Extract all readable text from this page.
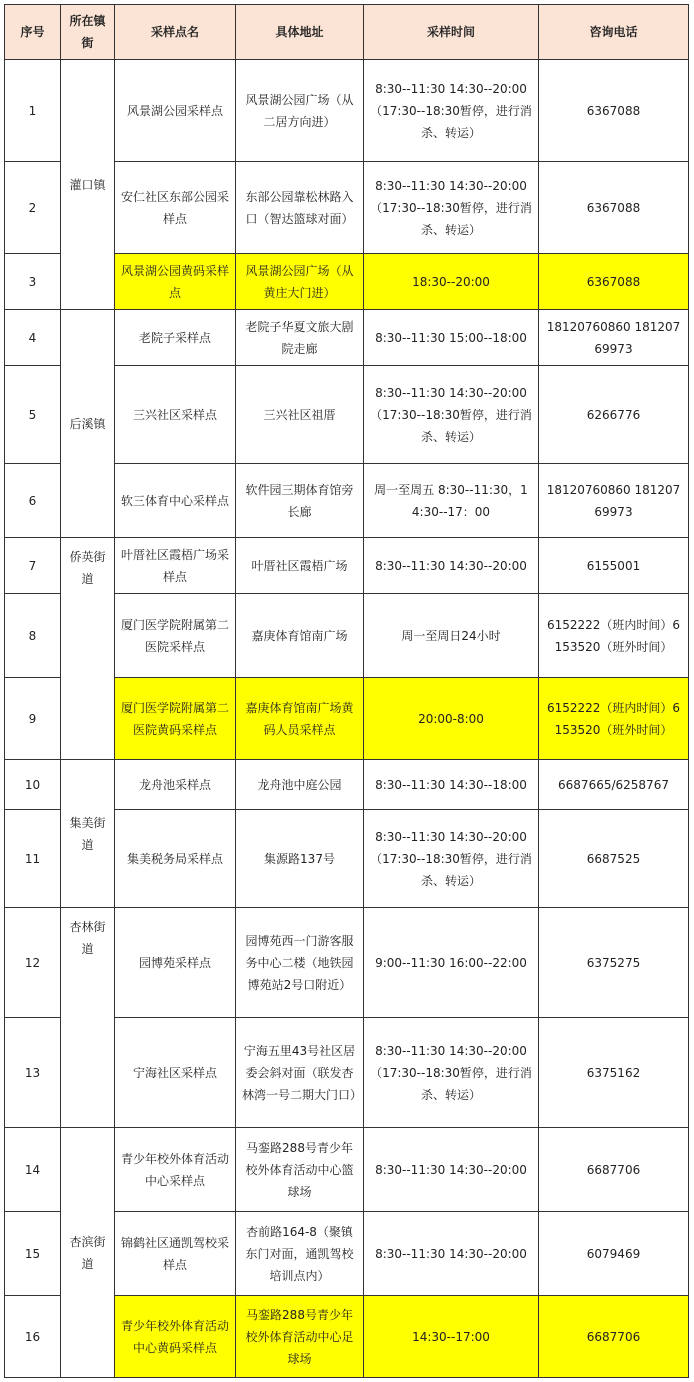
序号	所在镇街	采样点名	具体地址	采样时间	咨询电话
1	灌口镇	风景湖公园采样点	风景湖公园广场（从二居方向进）	8:30--11:30 14:30--20:00（17:30--18:30暂停，进行消杀、转运）	6367088
2		安仁社区东部公园采样点	东部公园靠松林路入口（智达篮球对面）	8:30--11:30 14:30--20:00（17:30--18:30暂停，进行消杀、转运）	6367088
3		风景湖公园黄码采样点	风景湖公园广场（从黄庄大门进）	18:30--20:00	6367088
4	后溪镇	老院子采样点	老院子华夏文旅大剧院走廊	8:30--11:30 15:00--18:00	18120760860 18120769973
5		三兴社区采样点	三兴社区祖厝	8:30--11:30 14:30--20:00（17:30--18:30暂停，进行消杀、转运）	6266776
6		软三体育中心采样点	软件园三期体育馆旁长廊	周一至周五 8:30--11:30，14:30--17：00	18120760860 18120769973
7	侨英街道	叶厝社区霞梧广场采样点	叶厝社区霞梧广场	8:30--11:30 14:30--20:00	6155001
8		厦门医学院附属第二医院采样点	嘉庚体育馆南广场	周一至周日24小时	6152222（班内时间）6153520（班外时间）
9		厦门医学院附属第二医院黄码采样点	嘉庚体育馆南广场黄码人员采样点	20:00-8:00	6152222（班内时间）6153520（班外时间）
10	集美街道	龙舟池采样点	龙舟池中庭公园	8:30--11:30 14:30--18:00	6687665/6258767
11		集美税务局采样点	集源路137号	8:30--11:30 14:30--20:00（17:30--18:30暂停，进行消杀、转运）	6687525
12	杏林街道	园博苑采样点	园博苑西一门游客服务中心二楼（地铁园博苑站2号口附近）	9:00--11:30 16:00--22:00	6375275
13		宁海社区采样点	宁海五里43号社区居委会斜对面（联发杏林湾一号二期大门口）	8:30--11:30 14:30--20:00（17:30--18:30暂停，进行消杀、转运）	6375162
14	杏滨街道	青少年校外体育活动中心采样点	马銮路288号青少年校外体育活动中心篮球场	8:30--11:30 14:30--20:00	6687706
15		锦鹤社区通凯驾校采样点	杏前路164-8（聚镇东门对面，通凯驾校培训点内）	8:30--11:30 14:30--20:00	6079469
16		青少年校外体育活动中心黄码采样点	马銮路288号青少年校外体育活动中心足球场	14:30--17:00	6687706
